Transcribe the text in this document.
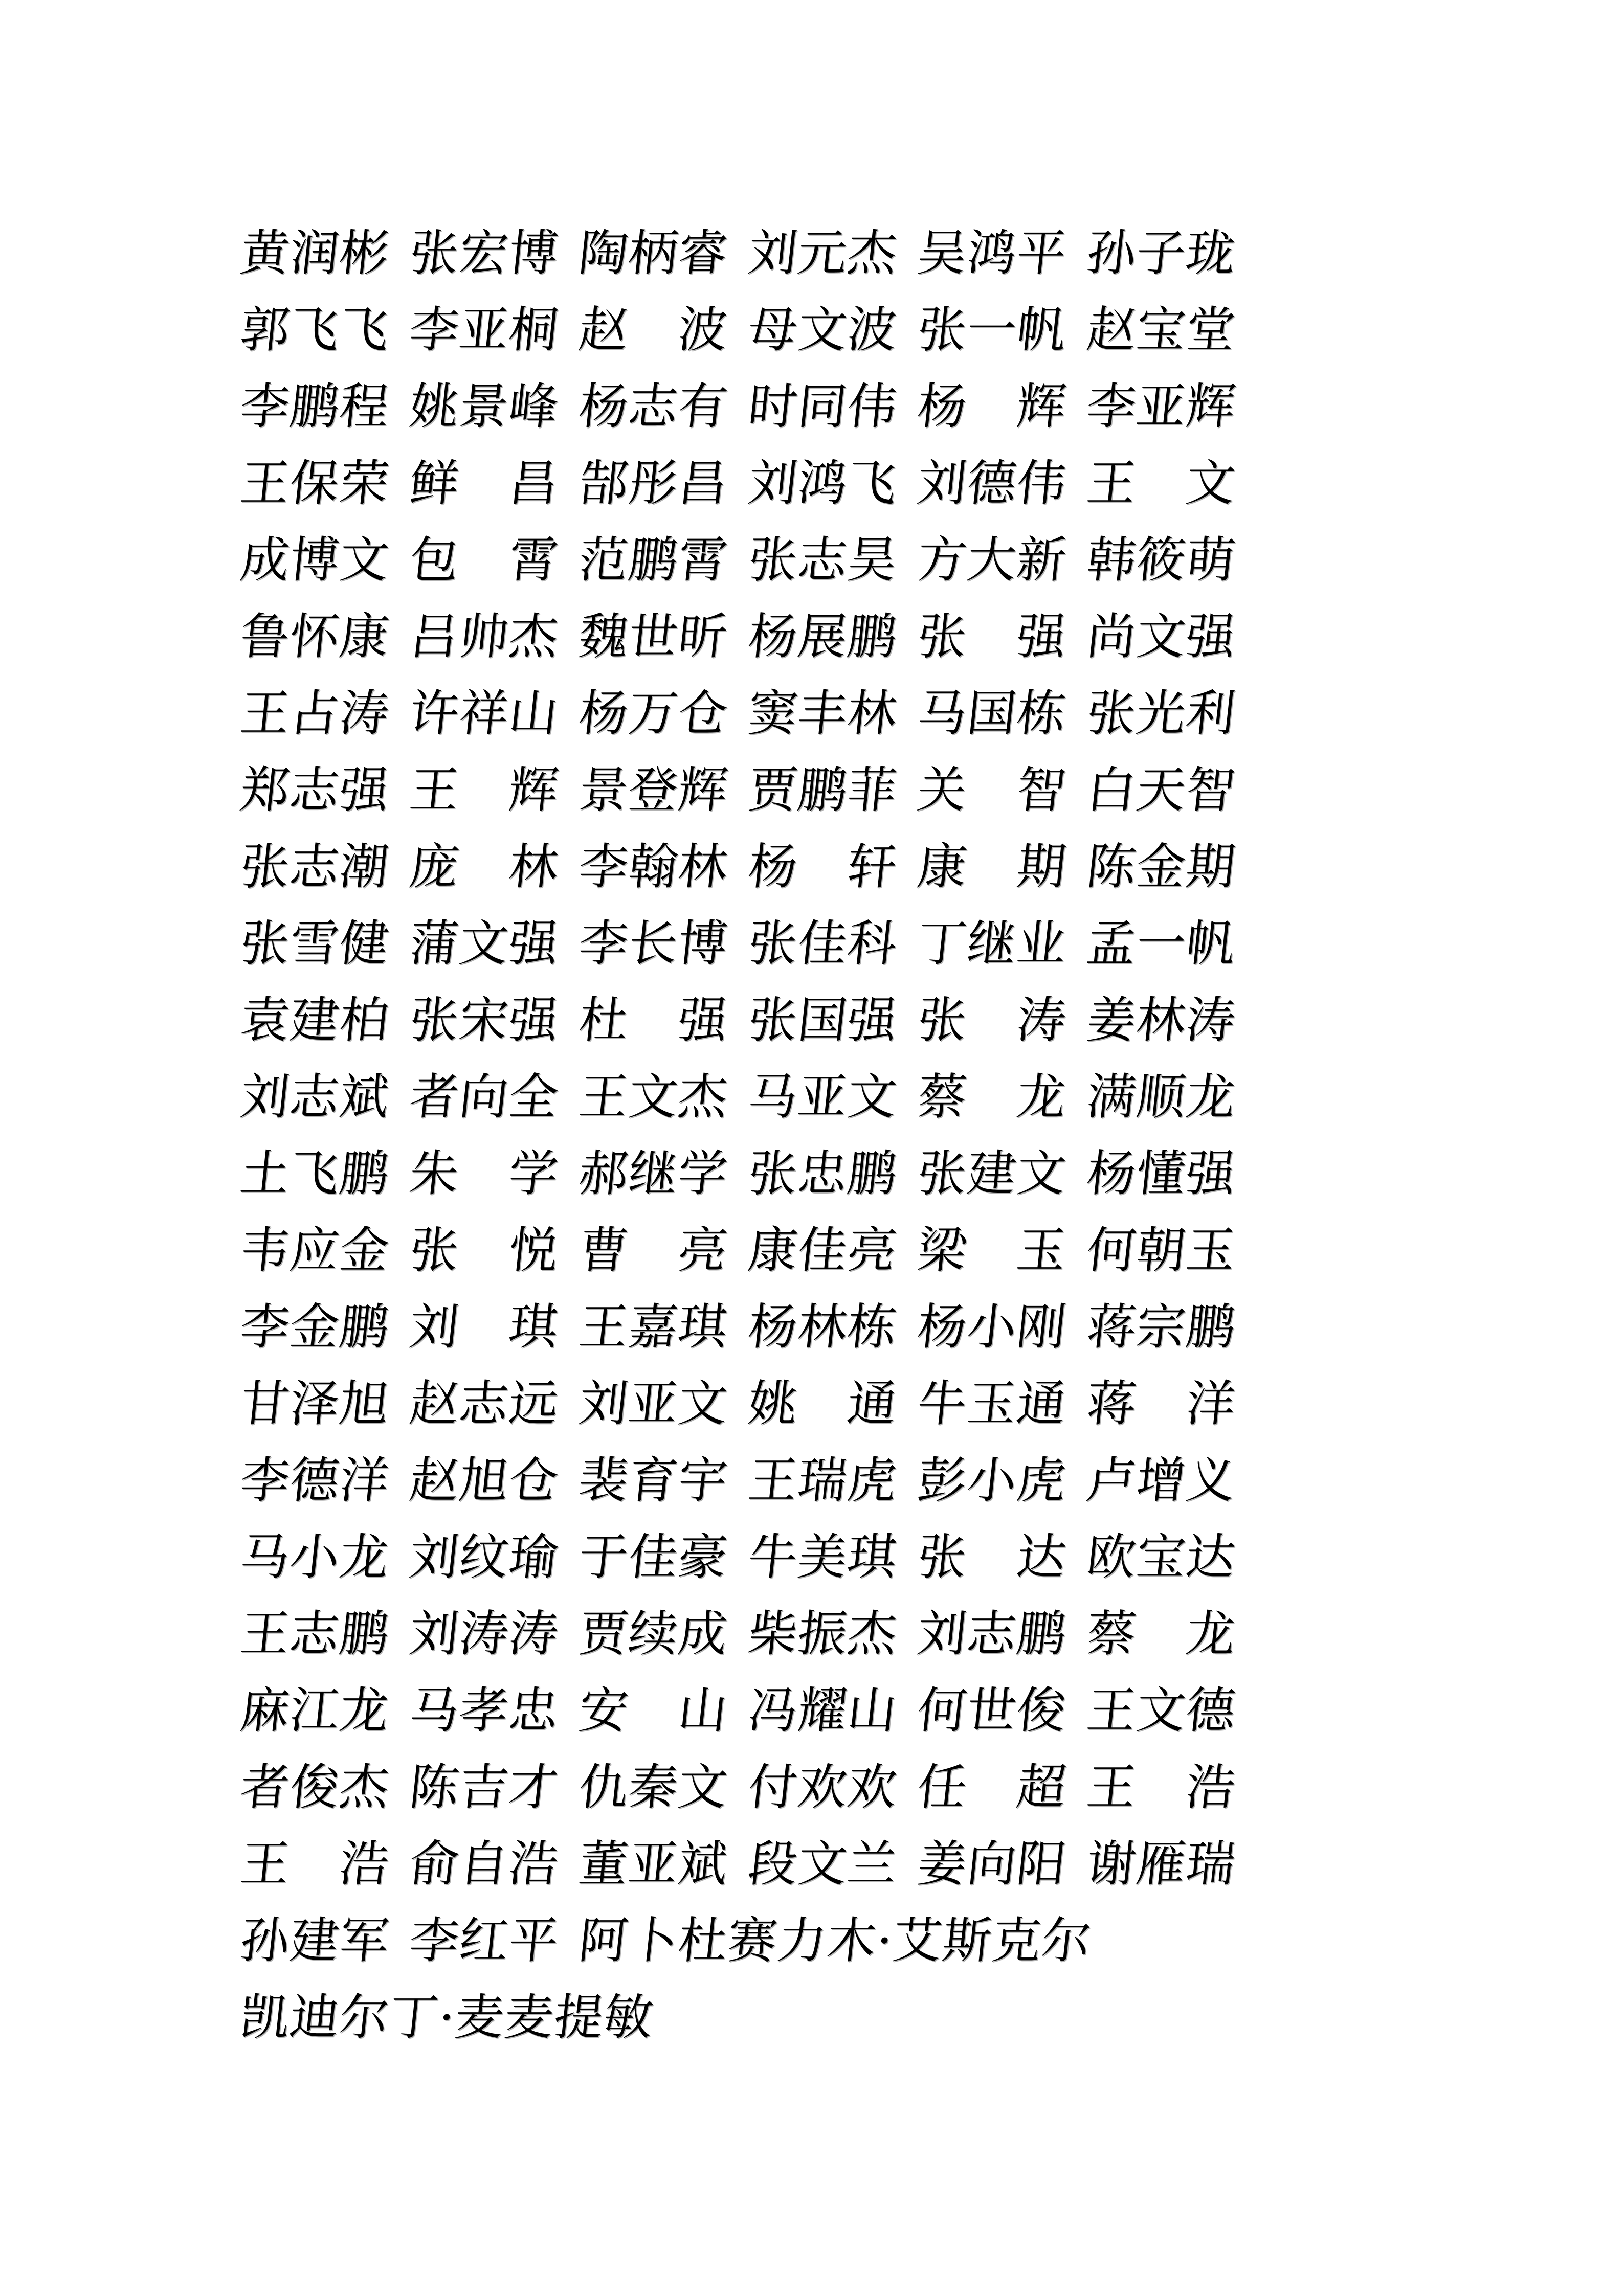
黄润彬 张宏博 陶柄睿 刘元杰 吴鸿平 孙子珑
郭飞飞 李亚桐 赵　波 母文波 张一帆 赵宝堂
李鹏程 姚景峰 杨志有 时同伟 杨　辉 李亚辉
王保荣 鲜　昌 郜彤昌 刘鸿飞 刘德伟 王　文
成博文 包　霄 范鹏霄 张志昊 方大新 韩筱萌
鲁怀康 吕帅杰 魏世昕 杨展鹏 张　强 尚文强
王占涛 许祥山 杨万仓 窦丰林 马国栋 张光利
郑志强 王　辉 景登辉 贾鹏菲 关　智 白天智
张志潮 庞　林 李翰林 杨　轩 康　期 陈金期
张雪健 蒲文强 李长博 张佳科 丁继业 孟一帆
袁建柏 张宋强 杜　强 张国强 张　涛 姜林涛
刘志斌 者向全 王文杰 马亚文 蔡　龙 满顺龙
土飞鹏 朱　学 郝继学 张忠鹏 张建文 杨懂强
韦应金 张　悦 曹　亮 康佳亮 梁　玉 何朝玉
李金鹏 刘　琪 王嘉琪 杨林栋 杨小刚 蒋宗鹏
甘泽旭 赵志远 刘亚文 姚　通 牛玉通 蒋　洋
李德洋 赵旭仓 裴育宇 王瑞虎 彭小虎 卢增义
马小龙 刘纹瑜 于佳豪 牛美琪 张　达 欧宝达
王志鹏 刘涛涛 贾续成 柴振杰 刘志鹏 蔡　龙
麻江龙 马孝忠 安　山 冯耀山 何世俊 王文德
者俊杰 陈吉才 仇秦文 付欢欢 任　超 王　浩
王　浩 俞自浩 董亚斌 段文兰 姜向阳 谢雁瑞
孙建军 李红平 阿卜杜赛力木·艾斯克尔
凯迪尔丁·麦麦提敏
